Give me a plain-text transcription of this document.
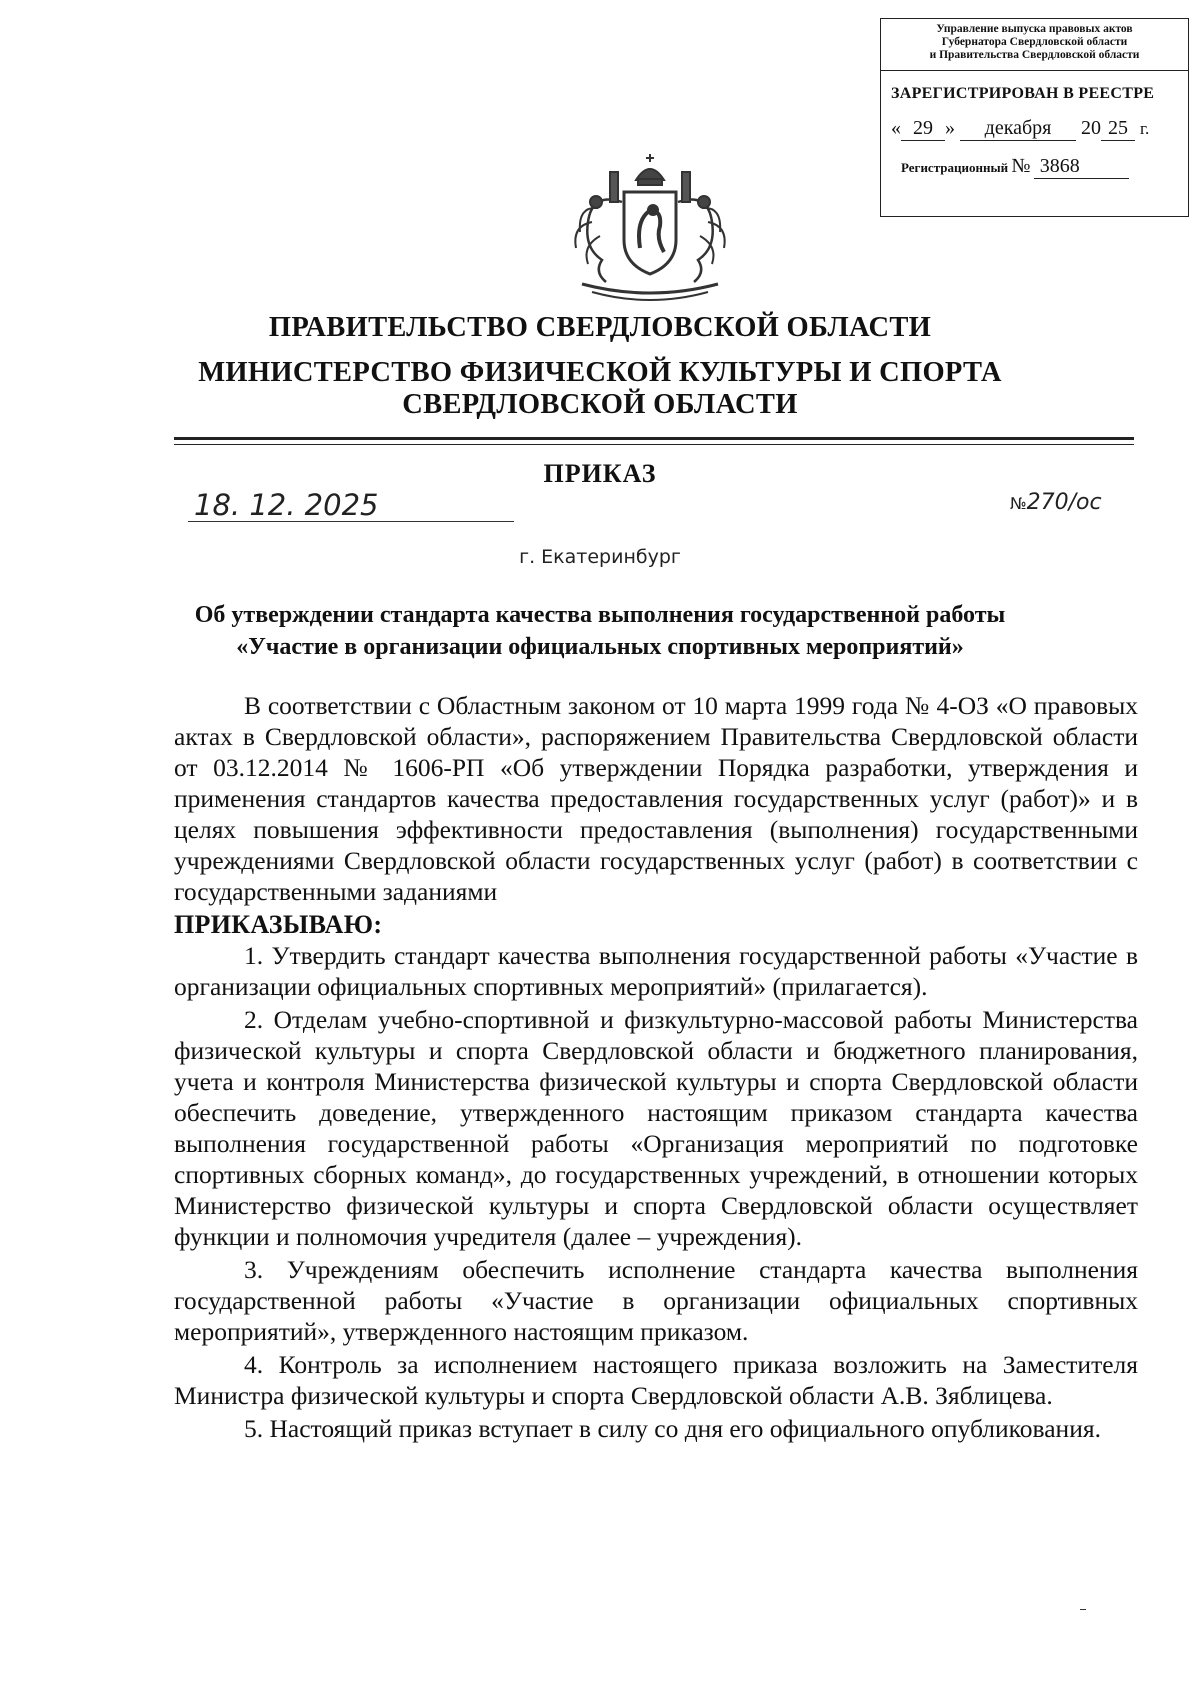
Управление выпуска правовых актов
Губернатора Свердловской области
и Правительства Свердловской области
ЗАРЕГИСТРИРОВАН В РЕЕСТРЕ
« 29 » декабря 20 25 г.
Регистрационный № 3868
ПРАВИТЕЛЬСТВО СВЕРДЛОВСКОЙ ОБЛАСТИ
МИНИСТЕРСТВО ФИЗИЧЕСКОЙ КУЛЬТУРЫ И СПОРТА
СВЕРДЛОВСКОЙ ОБЛАСТИ
ПРИКАЗ
18. 12. 2025	№270/ос
г. Екатеринбург
Об утверждении стандарта качества выполнения государственной работы
«Участие в организации официальных спортивных мероприятий»

В соответствии с Областным законом от 10 марта 1999 года № 4-ОЗ «О правовых актах в Свердловской области», распоряжением Правительства Свердловской области от 03.12.2014 № 1606-РП «Об утверждении Порядка разработки, утверждения и применения стандартов качества предоставления государственных услуг (работ)» и в целях повышения эффективности предоставления (выполнения) государственными учреждениями Свердловской области государственных услуг (работ) в соответствии с государственными заданиями

ПРИКАЗЫВАЮ:

1. Утвердить стандарт качества выполнения государственной работы «Участие в организации официальных спортивных мероприятий» (прилагается).

2. Отделам учебно-спортивной и физкультурно-массовой работы Министерства физической культуры и спорта Свердловской области и бюджетного планирования, учета и контроля Министерства физической культуры и спорта Свердловской области обеспечить доведение, утвержденного настоящим приказом стандарта качества выполнения государственной работы «Организация мероприятий по подготовке спортивных сборных команд», до государственных учреждений, в отношении которых Министерство физической культуры и спорта Свердловской области осуществляет функции и полномочия учредителя (далее – учреждения).

3. Учреждениям обеспечить исполнение стандарта качества выполнения государственной работы «Участие в организации официальных спортивных мероприятий», утвержденного настоящим приказом.

4. Контроль за исполнением настоящего приказа возложить на Заместителя Министра физической культуры и спорта Свердловской области А.В. Зяблицева.

5. Настоящий приказ вступает в силу со дня его официального опубликования.
